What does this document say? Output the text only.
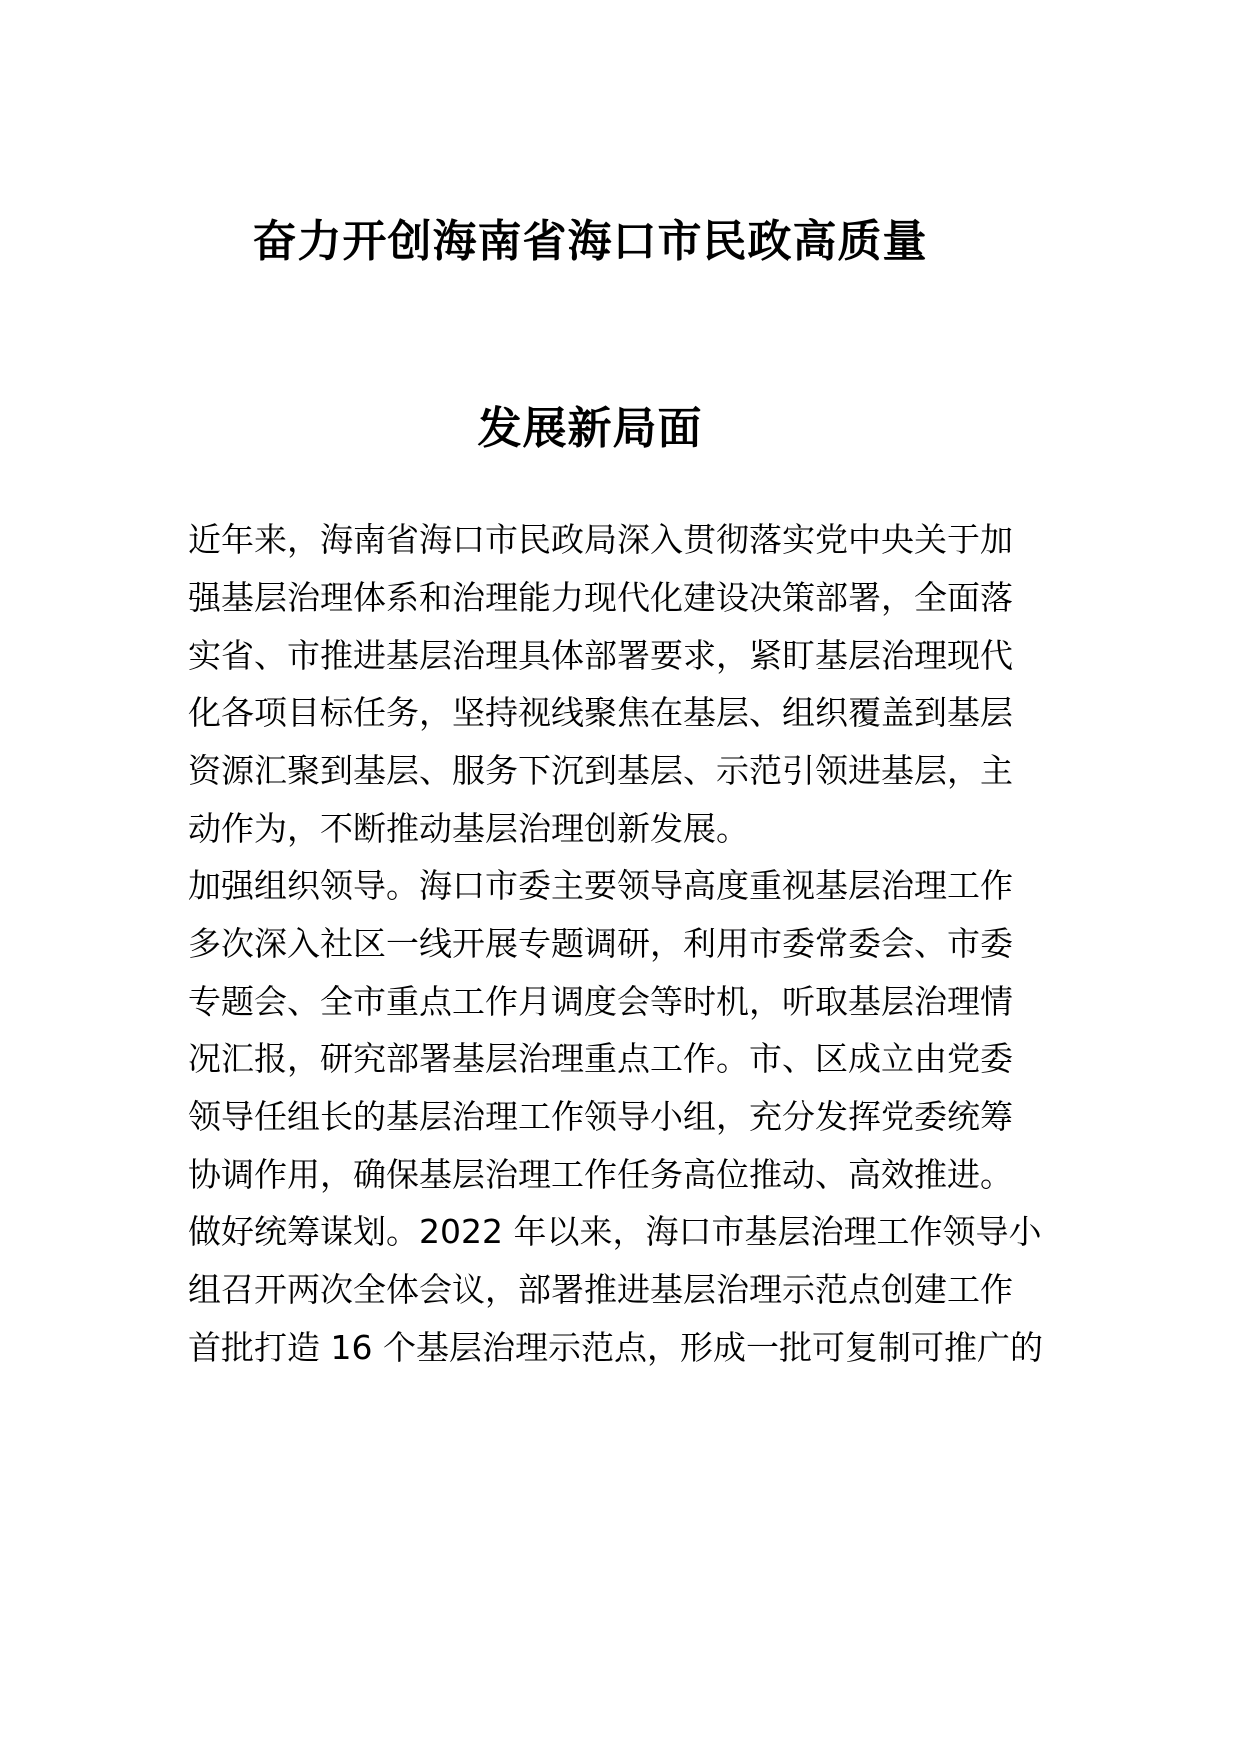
奋力开创海南省海口市民政高质量
发展新局面
近年来，海南省海口市民政局深入贯彻落实党中央关于加
强基层治理体系和治理能力现代化建设决策部署，全面落
实省、市推进基层治理具体部署要求，紧盯基层治理现代
化各项目标任务，坚持视线聚焦在基层、组织覆盖到基层
资源汇聚到基层、服务下沉到基层、示范引领进基层，主
动作为，不断推动基层治理创新发展。
加强组织领导。海口市委主要领导高度重视基层治理工作
多次深入社区一线开展专题调研，利用市委常委会、市委
专题会、全市重点工作月调度会等时机，听取基层治理情
况汇报，研究部署基层治理重点工作。市、区成立由党委
领导任组长的基层治理工作领导小组，充分发挥党委统筹
协调作用，确保基层治理工作任务高位推动、高效推进。
做好统筹谋划。2022 年以来，海口市基层治理工作领导小
组召开两次全体会议，部署推进基层治理示范点创建工作
首批打造 16 个基层治理示范点，形成一批可复制可推广的
